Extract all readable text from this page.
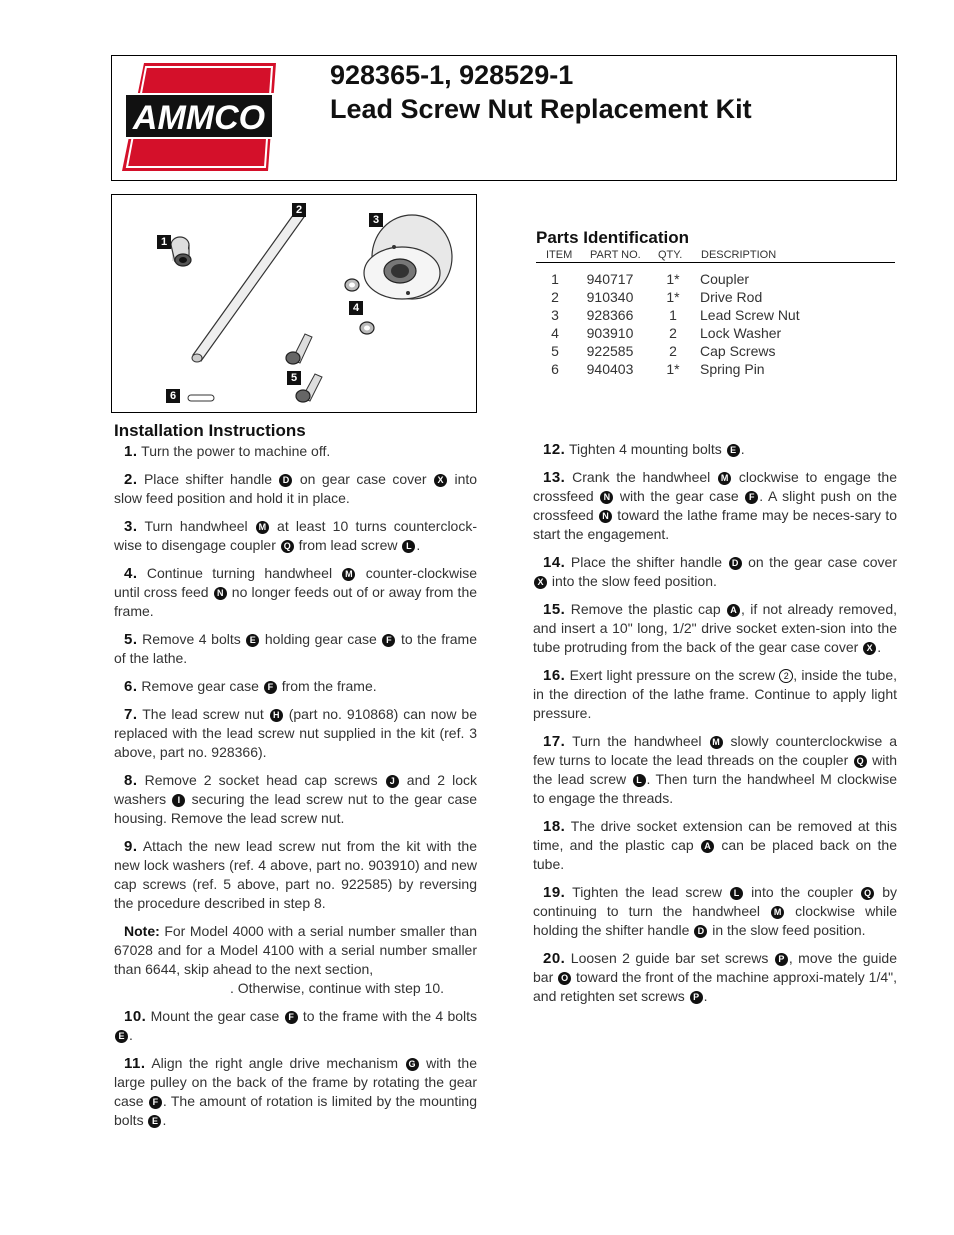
AMMCO
928365-1, 928529-1
Lead Screw Nut Replacement Kit
1
2
3
4
5
6
Parts Identification
ITEM	PART NO.	QTY.	DESCRIPTION
1	940717	1*	Coupler
2	910340	1*	Drive Rod
3	928366	1	Lead Screw Nut
4	903910	2	Lock Washer
5	922585	2	Cap Screws
6	940403	1*	Spring Pin
Installation Instructions

1. Turn the power to machine off.

2. Place shifter handle D on gear case cover X into slow feed position and hold it in place.

3. Turn handwheel M at least 10 turns counterclock-wise to disengage coupler Q from lead screw L .

4. Continue turning handwheel M counter-clockwise until cross feed N no longer feeds out of or away from the frame.

5. Remove 4 bolts E holding gear case F to the frame of the lathe.

6. Remove gear case F from the frame.

7. The lead screw nut H (part no. 910868) can now be replaced with the lead screw nut supplied in the kit (ref. 3 above, part no. 928366).

8. Remove 2 socket head cap screws J and 2 lock washers I securing the lead screw nut to the gear case housing. Remove the lead screw nut.

9. Attach the new lead screw nut from the kit with the new lock washers (ref. 4 above, part no. 903910) and new cap screws (ref. 5 above, part no. 922585) by reversing the procedure described in step 8.

Note: For Model 4000 with a serial number smaller than 67028 and for a Model 4100 with a serial number smaller than 6644, skip ahead to the next section,
. Otherwise, continue with step 10.

10. Mount the gear case F to the frame with the 4 bolts E .

11. Align the right angle drive mechanism G with the large pulley on the back of the frame by rotating the gear case F . The amount of rotation is limited by the mounting bolts E .

12. Tighten 4 mounting bolts E .

13. Crank the handwheel M clockwise to engage the crossfeed N with the gear case F . A slight push on the crossfeed N toward the lathe frame may be neces-sary to start the engagement.

14. Place the shifter handle D on the gear case cover X into the slow feed position.

15. Remove the plastic cap A , if not already removed, and insert a 10" long, 1/2" drive socket exten-sion into the tube protruding from the back of the gear case cover X .

16. Exert light pressure on the screw 2 , inside the tube, in the direction of the lathe frame. Continue to apply light pressure.

17. Turn the handwheel M slowly counterclockwise a few turns to locate the lead threads on the coupler Q with the lead screw L . Then turn the handwheel M clockwise to engage the threads.

18. The drive socket extension can be removed at this time, and the plastic cap A can be placed back on the tube.

19. Tighten the lead screw L into the coupler Q by continuing to turn the handwheel M clockwise while holding the shifter handle D in the slow feed position.

20. Loosen 2 guide bar set screws P , move the guide bar O toward the front of the machine approxi-mately 1/4", and retighten set screws P .
